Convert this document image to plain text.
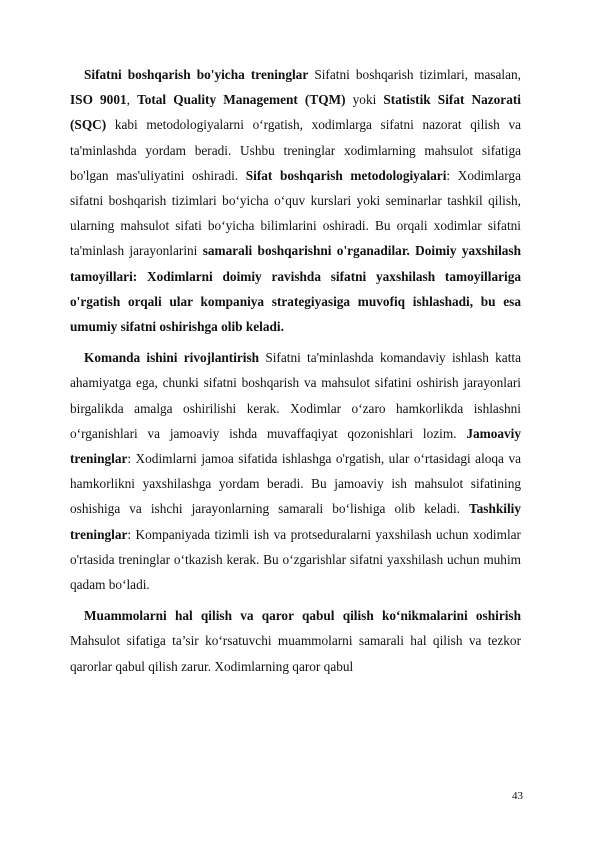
Sifatni boshqarish bo'yicha treninglar Sifatni boshqarish tizimlari, masalan, ISO 9001, Total Quality Management (TQM) yoki Statistik Sifat Nazorati (SQC) kabi metodologiyalarni o‘rgatish, xodimlarga sifatni nazorat qilish va ta'minlashda yordam beradi. Ushbu treninglar xodimlarning mahsulot sifatiga bo'lgan mas'uliyatini oshiradi. Sifat boshqarish metodologiyalari: Xodimlarga sifatni boshqarish tizimlari bo‘yicha o‘quv kurslari yoki seminarlar tashkil qilish, ularning mahsulot sifati bo‘yicha bilimlarini oshiradi. Bu orqali xodimlar sifatni ta'minlash jarayonlarini samarali boshqarishni o'rganadilar. Doimiy yaxshilash tamoyillari: Xodimlarni doimiy ravishda sifatni yaxshilash tamoyillariga o'rgatish orqali ular kompaniya strategiyasiga muvofiq ishlashadi, bu esa umumiy sifatni oshirishga olib keladi.

Komanda ishini rivojlantirish Sifatni ta'minlashda komandaviy ishlash katta ahamiyatga ega, chunki sifatni boshqarish va mahsulot sifatini oshirish jarayonlari birgalikda amalga oshirilishi kerak. Xodimlar o‘zaro hamkorlikda ishlashni o‘rganishlari va jamoaviy ishda muvaffaqiyat qozonishlari lozim. Jamoaviy treninglar: Xodimlarni jamoa sifatida ishlashga o'rgatish, ular o‘rtasidagi aloqa va hamkorlikni yaxshilashga yordam beradi. Bu jamoaviy ish mahsulot sifatining oshishiga va ishchi jarayonlarning samarali bo‘lishiga olib keladi. Tashkiliy treninglar: Kompaniyada tizimli ish va protseduralarni yaxshilash uchun xodimlar o'rtasida treninglar o‘tkazish kerak. Bu o‘zgarishlar sifatni yaxshilash uchun muhim qadam bo‘ladi.

Muammolarni hal qilish va qaror qabul qilish ko‘nikmalarini oshirish Mahsulot sifatiga ta’sir ko‘rsatuvchi muammolarni samarali hal qilish va tezkor qarorlar qabul qilish zarur. Xodimlarning qaror qabul

43
